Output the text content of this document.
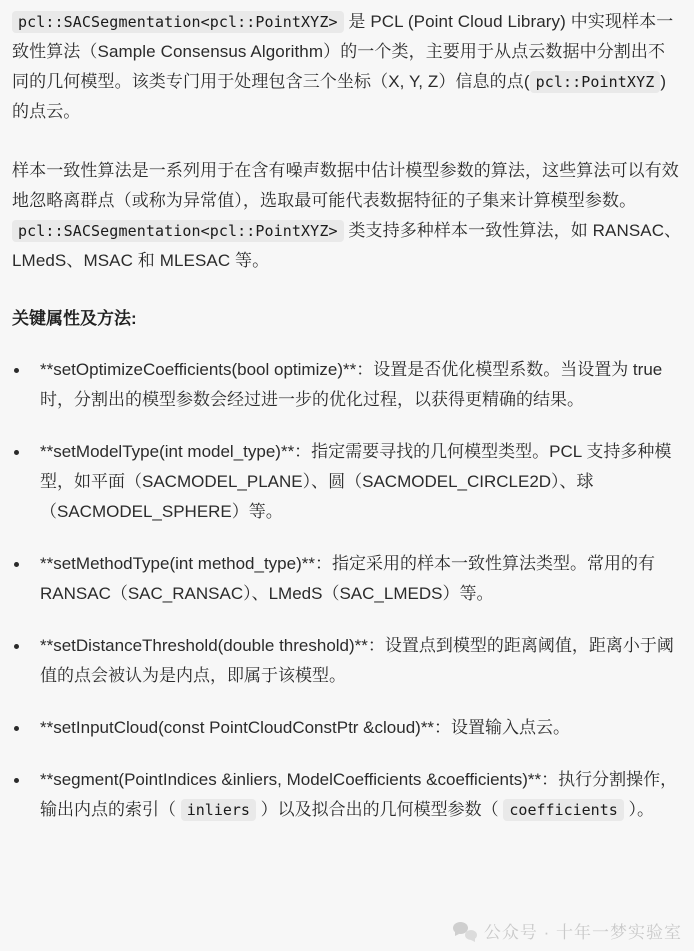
pcl::SACSegmentation<pcl::PointXYZ> 是 PCL (Point Cloud Library) 中实现样本一致性算法（Sample Consensus Algorithm）的一个类，主要用于从点云数据中分割出不同的几何模型。该类专门用于处理包含三个坐标（X, Y, Z）信息的点( pcl::PointXYZ )的点云。

样本一致性算法是一系列用于在含有噪声数据中估计模型参数的算法，这些算法可以有效地忽略离群点（或称为异常值），选取最可能代表数据特征的子集来计算模型参数。 pcl::SACSegmentation<pcl::PointXYZ> 类支持多种样本一致性算法，如 RANSAC、LMedS、MSAC 和 MLESAC 等。

关键属性及方法:
**setOptimizeCoefficients(bool optimize)**：设置是否优化模型系数。当设置为 true 时，分割出的模型参数会经过进一步的优化过程，以获得更精确的结果。
**setModelType(int model_type)**：指定需要寻找的几何模型类型。PCL 支持多种模型，如平面（SACMODEL_PLANE）、圆（SACMODEL_CIRCLE2D）、球（SACMODEL_SPHERE）等。
**setMethodType(int method_type)**：指定采用的样本一致性算法类型。常用的有 RANSAC（SAC_RANSAC）、LMedS（SAC_LMEDS）等。
**setDistanceThreshold(double threshold)**：设置点到模型的距离阈值，距离小于阈值的点会被认为是内点，即属于该模型。
**setInputCloud(const PointCloudConstPtr &cloud)**：设置输入点云。
**segment(PointIndices &inliers, ModelCoefficients &coefficients)**：执行分割操作，输出内点的索引（ inliers ）以及拟合出的几何模型参数（ coefficients ）。
公众号 · 十年一梦实验室
